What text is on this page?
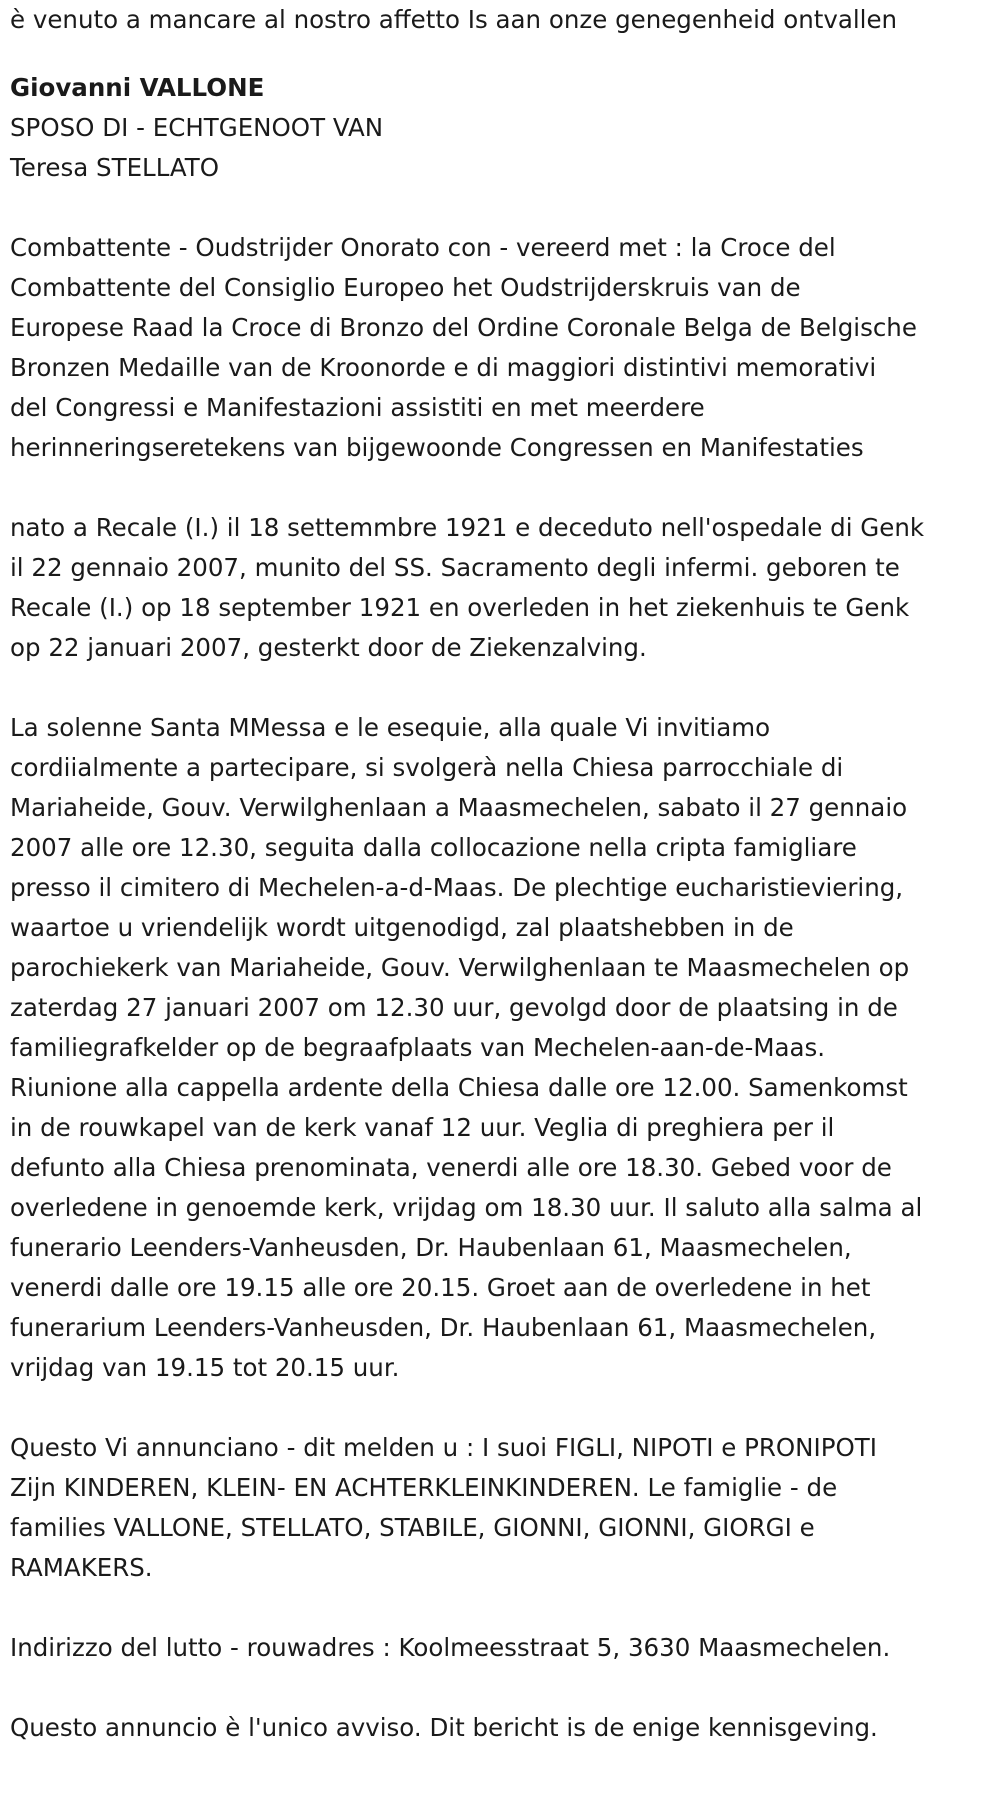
è venuto a mancare al nostro affetto Is aan onze genegenheid ontvallen

Giovanni VALLONE

SPOSO DI - ECHTGENOOT VAN

Teresa STELLATO

Combattente - Oudstrijder Onorato con - vereerd met : la Croce del

Combattente del Consiglio Europeo het Oudstrijderskruis van de

Europese Raad la Croce di Bronzo del Ordine Coronale Belga de Belgische

Bronzen Medaille van de Kroonorde e di maggiori distintivi memorativi

del Congressi e Manifestazioni assistiti en met meerdere

herinneringseretekens van bijgewoonde Congressen en Manifestaties

nato a Recale (I.) il 18 settemmbre 1921 e deceduto nell'ospedale di Genk

il 22 gennaio 2007, munito del SS. Sacramento degli infermi. geboren te

Recale (I.) op 18 september 1921 en overleden in het ziekenhuis te Genk

op 22 januari 2007, gesterkt door de Ziekenzalving.

La solenne Santa MMessa e le esequie, alla quale Vi invitiamo

cordiialmente a partecipare, si svolgerà nella Chiesa parrocchiale di

Mariaheide, Gouv. Verwilghenlaan a Maasmechelen, sabato il 27 gennaio

2007 alle ore 12.30, seguita dalla collocazione nella cripta famigliare

presso il cimitero di Mechelen-a-d-Maas. De plechtige eucharistieviering,

waartoe u vriendelijk wordt uitgenodigd, zal plaatshebben in de

parochiekerk van Mariaheide, Gouv. Verwilghenlaan te Maasmechelen op

zaterdag 27 januari 2007 om 12.30 uur, gevolgd door de plaatsing in de

familiegrafkelder op de begraafplaats van Mechelen-aan-de-Maas.

Riunione alla cappella ardente della Chiesa dalle ore 12.00. Samenkomst

in de rouwkapel van de kerk vanaf 12 uur. Veglia di preghiera per il

defunto alla Chiesa prenominata, venerdi alle ore 18.30. Gebed voor de

overledene in genoemde kerk, vrijdag om 18.30 uur. Il saluto alla salma al

funerario Leenders-Vanheusden, Dr. Haubenlaan 61, Maasmechelen,

venerdi dalle ore 19.15 alle ore 20.15. Groet aan de overledene in het

funerarium Leenders-Vanheusden, Dr. Haubenlaan 61, Maasmechelen,

vrijdag van 19.15 tot 20.15 uur.

Questo Vi annunciano - dit melden u : I suoi FIGLI, NIPOTI e PRONIPOTI

Zijn KINDEREN, KLEIN- EN ACHTERKLEINKINDEREN. Le famiglie - de

families VALLONE, STELLATO, STABILE, GIONNI, GIONNI, GIORGI e

RAMAKERS.

Indirizzo del lutto - rouwadres : Koolmeesstraat 5, 3630 Maasmechelen.

Questo annuncio è l'unico avviso. Dit bericht is de enige kennisgeving.
